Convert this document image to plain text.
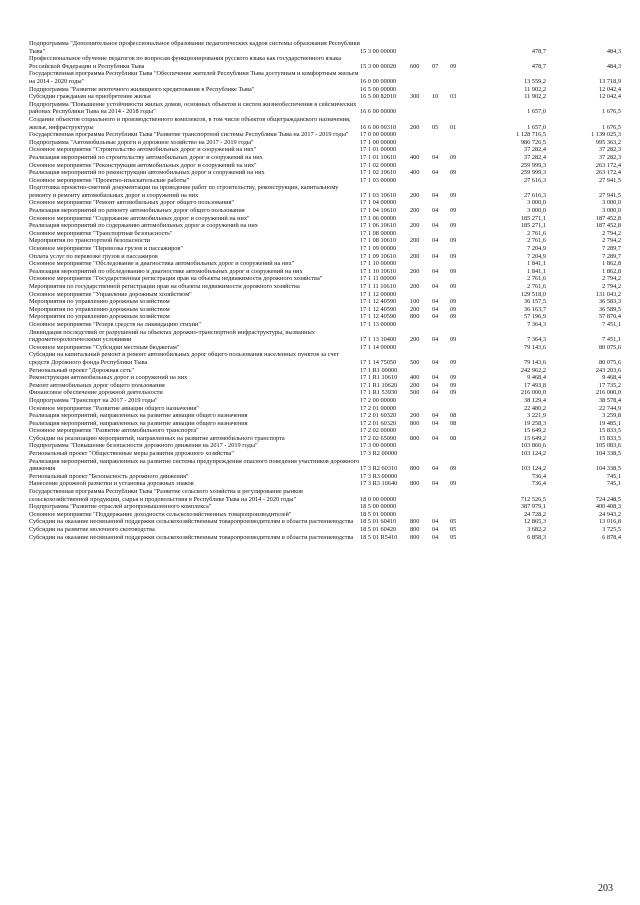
Подпрограмма "Дополнительное профессиональное образование педагогических кадров системы образования Республики Тыва"	15 3 00 00000				478,7	484,3
Профессиональное обучение педагогов по вопросам функционирования русского языка как государственного языка Российской Федерации и Республики Тыва	15 3 00 00020	600	07	09	478,7	484,3
Государственная программа Республики Тыва "Обеспечение жителей Республики Тыва доступным и комфортным жильем на 2014 - 2020 годы"	16 0 00 00000				13 559,2	13 718,9
Подпрограмма "Развитие ипотечного жилищного кредитования в Республике Тыва"	16 5 00 00000				11 902,2	12 042,4
Субсидии гражданам на приобретение жилья	16 5 00 82010	300	10	03	11 902,2	12 042,4
Подпрограмма "Повышение устойчивости жилых домов, основных объектов и систем жизнеобеспечения в сейсмических районах Республики Тыва на 2014 - 2018 годы"	16 6 00 00000				1 657,0	1 676,5
Создание объектов социального и производственного комплексов, в том числе объектов общегражданского назначения, жилья, инфраструктуры	16 6 00 00310	200	05	01	1 657,0	1 676,5
Государственная программа Республики Тыва "Развитие транспортной системы Республики Тыва на 2017 - 2019 годы"	17 0 00 00000				1 128 716,5	1 139 025,3
Подпрограмма "Автомобильные дороги и дорожное хозяйство на 2017 - 2019 годы"	17 1 00 00000				986 726,5	995 363,2
Основное мероприятие "Строительство автомобильных дорог и сооружений на них"	17 1 01 00000				37 282,4	37 282,3
Реализация мероприятий по строительству автомобильных дорог и сооружений на них	17 1 01 10610	400	04	09	37 282,4	37 282,3
Основное мероприятие "Реконструкция автомобильных дорог и сооружений на них"	17 1 02 00000				259 999,3	263 172,4
Реализация мероприятий по реконструкции автомобильных дорог и сооружений на них	17 1 02 10610	400	04	09	259 999,3	263 172,4
Основное мероприятие "Проектно-изыскательские работы"	17 1 03 00000				27 616,3	27 941,5
Подготовка проектно-сметной документации на проведение работ по строительству, реконструкции, капитальному ремонту и ремонту автомобильных дорог и сооружений на них	17 1 03 10610	200	04	09	27 616,3	27 941,5
Основное мероприятие "Ремонт автомобильных дорог общего пользования"	17 1 04 00000				3 000,0	3 000,0
Реализация мероприятий по ремонту автомобильных дорог общего пользования	17 1 04 10610	200	04	09	3 000,0	3 000,0
Основное мероприятие "Содержание автомобильных дорог и сооружений на них"	17 1 06 00000				185 271,1	187 452,8
Реализация мероприятий по содержанию автомобильных дорог и сооружений на них	17 1 06 10610	200	04	09	185 271,1	187 452,8
Основное мероприятие "Транспортная безопасность"	17 1 08 00000				2 761,6	2 794,2
Мероприятия по транспортной безопасности	17 1 08 10610	200	04	09	2 761,6	2 794,2
Основное мероприятие "Перевозка грузов и пассажиров"	17 1 09 00000				7 204,9	7 289,7
Оплата услуг по перевозке грузов и пассажиров	17 1 09 10610	200	04	09	7 204,9	7 289,7
Основное мероприятие "Обследование и диагностика автомобильных дорог и сооружений на них"	17 1 10 00000				1 841,1	1 862,8
Реализация мероприятий по обследованию и диагностике автомобильных дорог и сооружений на них	17 1 10 10610	200	04	09	1 841,1	1 862,8
Основное мероприятие "Государственная регистрация прав на объекты недвижимости дорожного хозяйства"	17 1 11 00000				2 761,6	2 794,2
Мероприятия по государственной регистрации прав на объекты недвижимости дорожного хозяйства	17 1 11 10610	200	04	09	2 761,6	2 794,2
Основное мероприятие "Управление дорожным хозяйством"	17 1 12 00000				129 518,0	131 043,2
Мероприятия по управлению дорожным хозяйством	17 1 12 40590	100	04	09	36 157,5	36 583,3
Мероприятия по управлению дорожным хозяйством	17 1 12 40590	200	04	09	36 163,7	36 589,5
Мероприятия по управлению дорожным хозяйством	17 1 12 40590	800	04	09	57 196,9	57 870,4
Основное мероприятие "Резерв средств на ликвидацию стихии"	17 1 13 00000				7 364,3	7 451,1
Ликвидация последствий от разрушений на объектах дорожно-транспортной инфраструктуры, вызванных гидрометеорологическими условиями	17 1 13 10400	200	04	09	7 364,3	7 451,1
Основное мероприятие "Субсидии местным бюджетам"	17 1 14 00000				79 143,6	80 075,6
Субсидии на капитальный ремонт и ремонт автомобильных дорог общего пользования населенных пунктов за счет средств Дорожного фонда Республики Тыва	17 1 14 75050	500	04	09	79 143,6	80 075,6
Региональный проект "Дорожная сеть"	17 1 R1 00000				242 962,2	243 203,6
Реконструкция автомобильных дорог и сооружений на них	17 1 R1 10610	400	04	09	9 468,4	9 468,4
Ремонт автомобильных дорог общего пользования	17 1 R1 10620	200	04	09	17 493,8	17 735,2
Финансовое обеспечение дорожной деятельности	17 1 R1 53930	500	04	09	216 000,0	216 000,0
Подпрограмма "Транспорт на 2017 - 2019 годы"	17 2 00 00000				38 129,4	38 578,4
Основное мероприятие "Развитие авиации общего назначения"	17 2 01 00000				22 480,2	22 744,9
Реализация мероприятий, направленных на развитие авиации общего назначения	17 2 01 60320	200	04	08	3 221,9	3 259,8
Реализация мероприятий, направленных на развитие авиации общего назначения	17 2 01 60320	800	04	08	19 258,3	19 485,1
Основное мероприятие "Развитие автомобильного транспорта"	17 2 02 00000				15 649,2	15 833,5
Субсидии на реализацию мероприятий, направленных на развитие автомобильного транспорта	17 2 02 65090	800	04	08	15 649,2	15 833,5
Подпрограмма "Повышение безопасности дорожного движения на 2017 - 2019 годы"	17 3 00 00000				103 860,6	105 083,6
Региональный проект "Общественные меры развития дорожного хозяйства"	17 3 R2 00000				103 124,2	104 338,5
Реализация мероприятий, направленных на развитие системы предупреждения опасного поведения участников дорожного движения	17 3 R2 60310	800	04	09	103 124,2	104 338,5
Региональный проект "Безопасность дорожного движения"	17 3 R3 00000				736,4	745,1
Нанесение дорожной разметки и установка дорожных знаков	17 3 R3 10640	800	04	09	736,4	745,1
Государственная программа Республики Тыва "Развитие сельского хозяйства и регулирование рынков сельскохозяйственной продукции, сырья и продовольствия в Республике Тыва на 2014 - 2020 годы"	18 0 00 00000				712 526,5	724 248,5
Подпрограмма "Развитие отраслей агропромышленного комплекса"	18 5 00 00000				387 979,1	400 408,3
Основное мероприятие "Поддержание доходности сельскохозяйственных товаропроизводителей"	18 5 01 00000				24 728,2	24 943,2
Субсидии на оказание несвязанной поддержки сельскохозяйственным товаропроизводителям в области растениеводства	18 5 01 60410	800	04	05	12 865,3	13 016,8
Субсидии на развитие молочного скотоводства	18 5 01 60420	800	04	05	3 682,2	3 725,5
Субсидии на оказание несвязанной поддержки сельскохозяйственным товаропроизводителям в области растениеводства	18 5 01 R5410	800	04	05	6 858,3	6 878,4
203
